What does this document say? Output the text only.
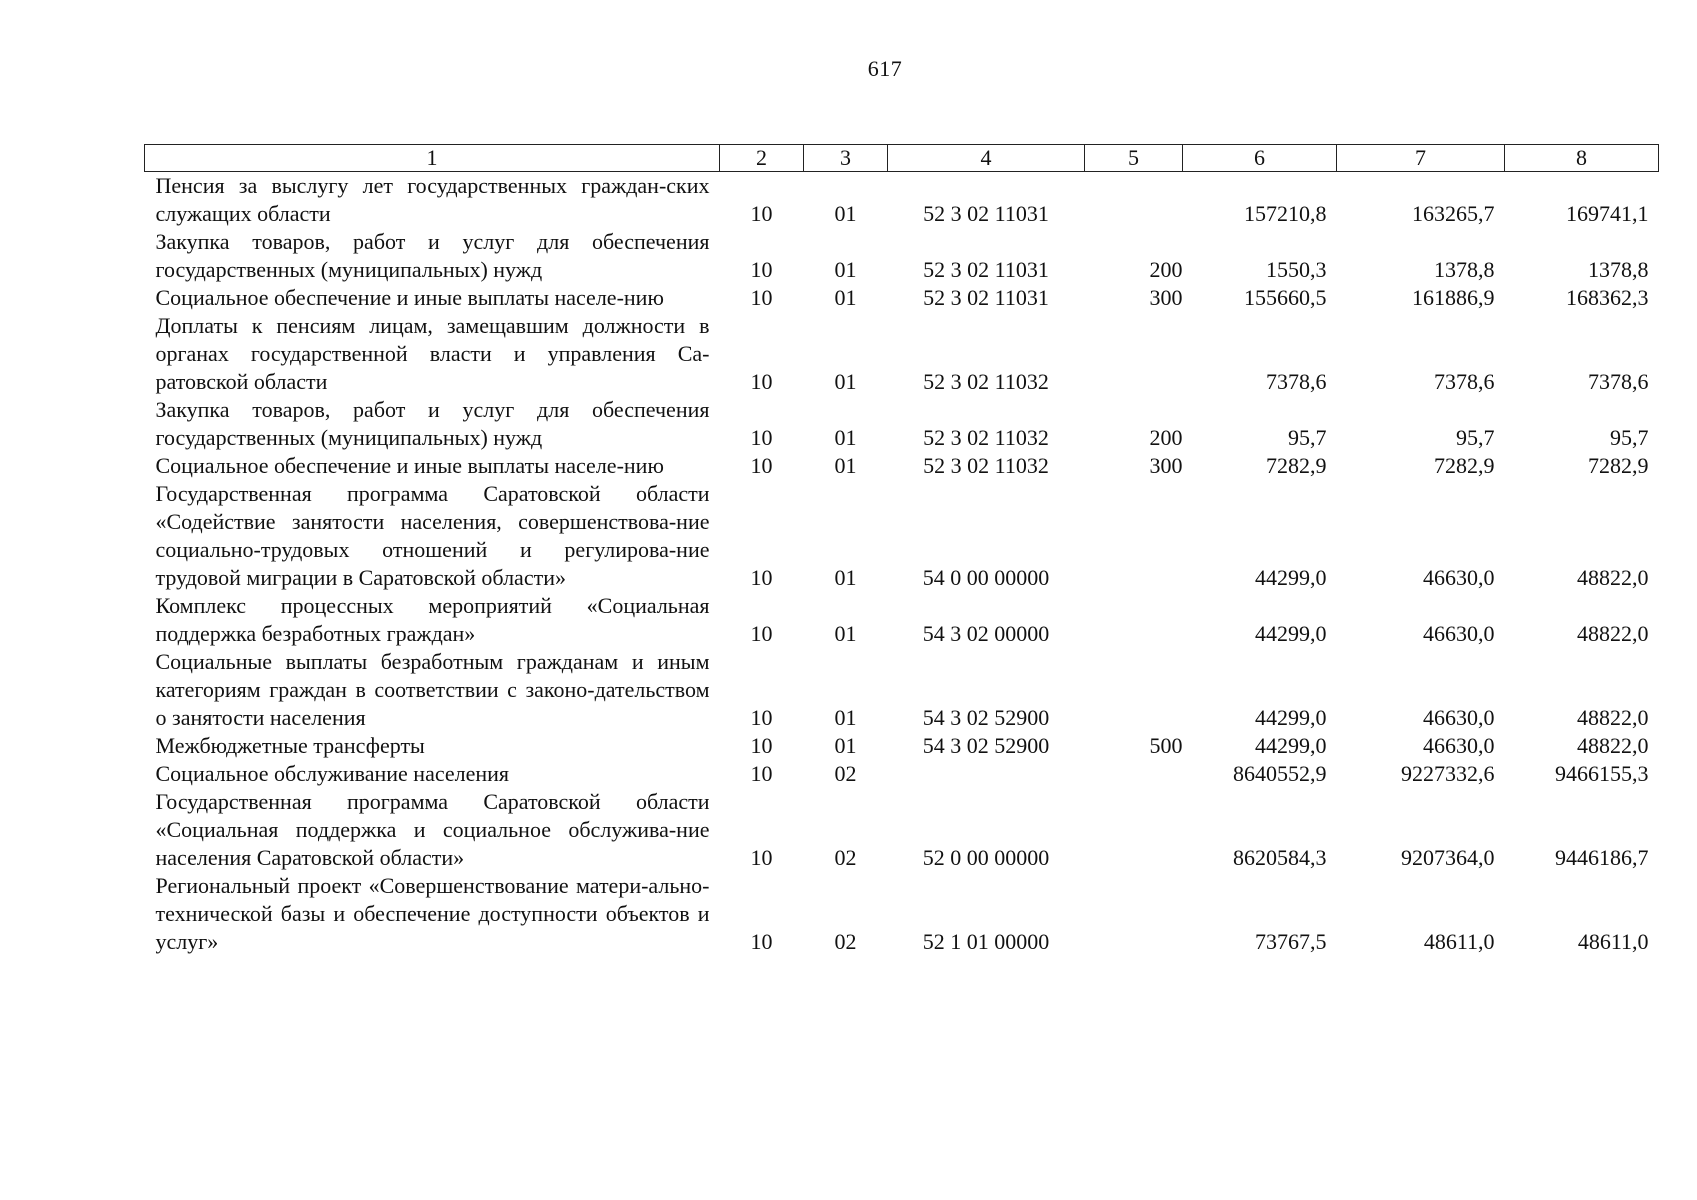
617
1	2	3	4	5	6	7	8
Пенсия за выслугу лет государственных граждан-ских служащих области	10	01	52 3 02 11031		157210,8	163265,7	169741,1
Закупка товаров, работ и услуг для обеспечения государственных (муниципальных) нужд	10	01	52 3 02 11031	200	1550,3	1378,8	1378,8
Социальное обеспечение и иные выплаты населе-нию	10	01	52 3 02 11031	300	155660,5	161886,9	168362,3
Доплаты к пенсиям лицам, замещавшим должности в органах государственной власти и управления Са-ратовской области	10	01	52 3 02 11032		7378,6	7378,6	7378,6
Закупка товаров, работ и услуг для обеспечения государственных (муниципальных) нужд	10	01	52 3 02 11032	200	95,7	95,7	95,7
Социальное обеспечение и иные выплаты населе-нию	10	01	52 3 02 11032	300	7282,9	7282,9	7282,9
Государственная программа Саратовской области «Содействие занятости населения, совершенствова-ние социально-трудовых отношений и регулирова-ние трудовой миграции в Саратовской области»	10	01	54 0 00 00000		44299,0	46630,0	48822,0
Комплекс процессных мероприятий «Социальная поддержка безработных граждан»	10	01	54 3 02 00000		44299,0	46630,0	48822,0
Социальные выплаты безработным гражданам и иным категориям граждан в соответствии с законо-дательством о занятости населения	10	01	54 3 02 52900		44299,0	46630,0	48822,0
Межбюджетные трансферты	10	01	54 3 02 52900	500	44299,0	46630,0	48822,0
Социальное обслуживание населения	10	02			8640552,9	9227332,6	9466155,3
Государственная программа Саратовской области «Социальная поддержка и социальное обслужива-ние населения Саратовской области»	10	02	52 0 00 00000		8620584,3	9207364,0	9446186,7
Региональный проект «Совершенствование матери-ально-технической базы и обеспечение доступности объектов и услуг»	10	02	52 1 01 00000		73767,5	48611,0	48611,0
